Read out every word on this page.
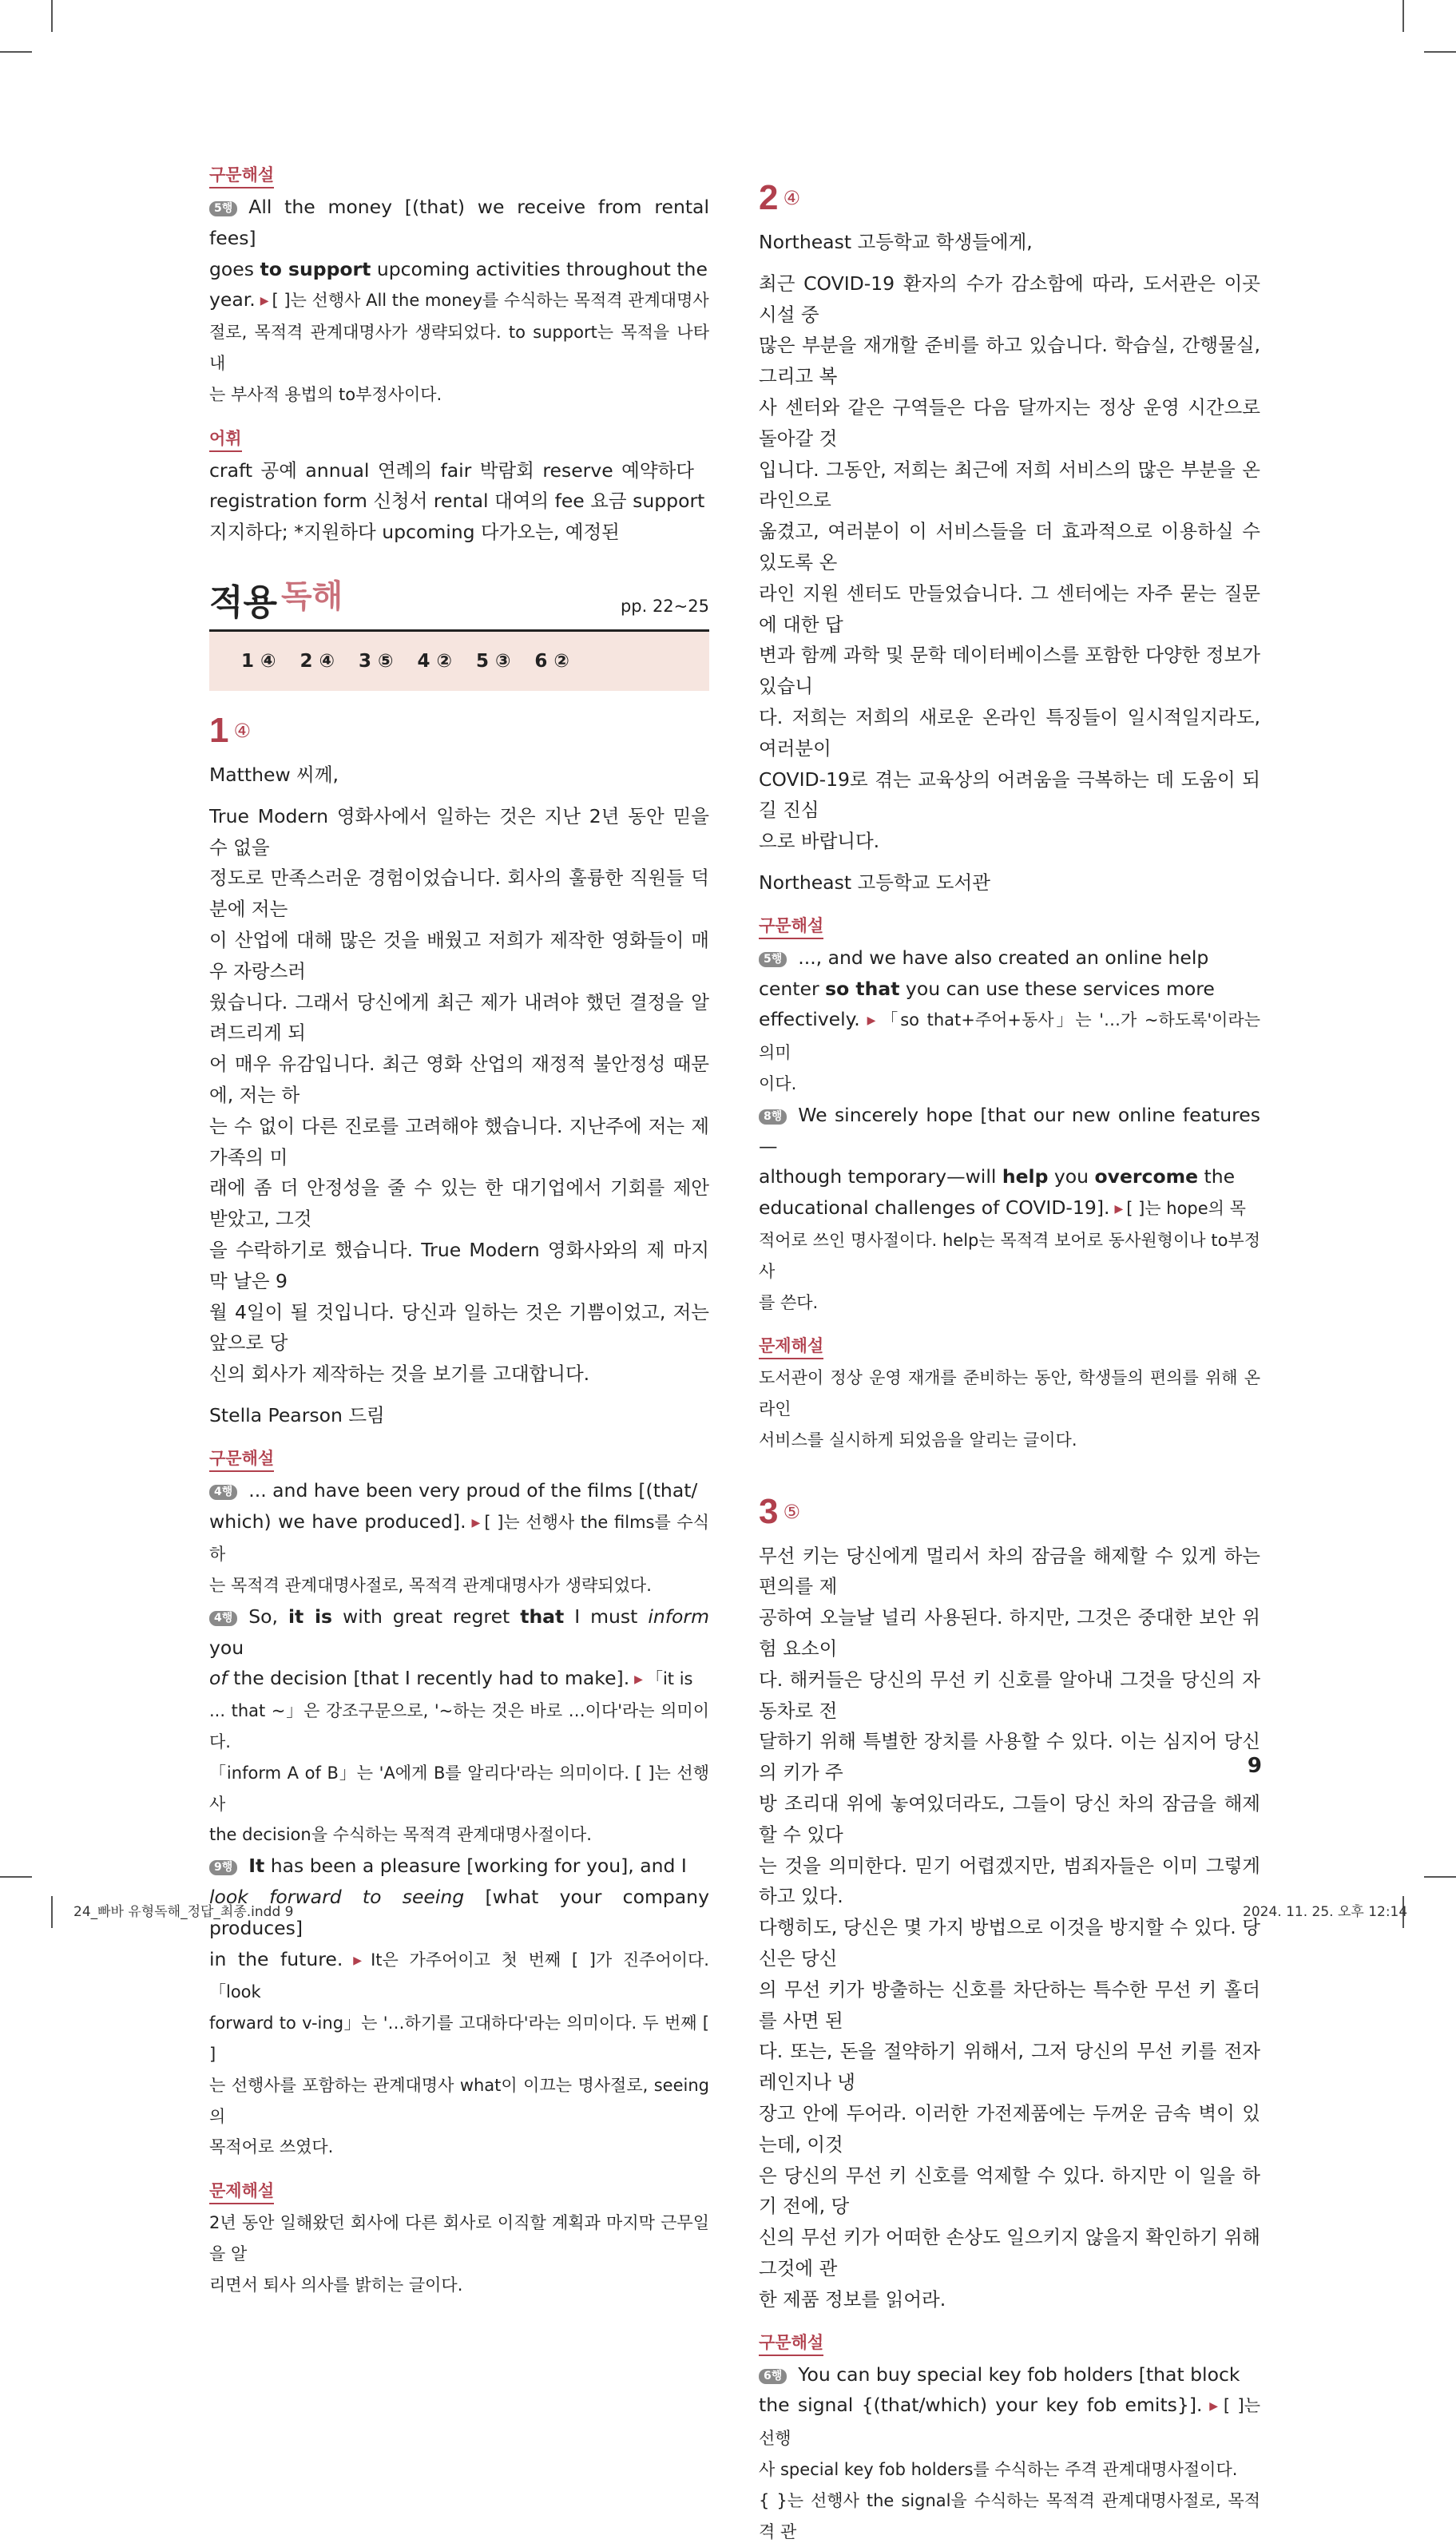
구문해설

5행 All the money [(that) we receive from rental fees]

goes to support upcoming activities throughout the

year. ▶ [ ]는 선행사 All the money를 수식하는 목적격 관계대명사

절로, 목적격 관계대명사가 생략되었다. to support는 목적을 나타내

는 부사적 용법의 to부정사이다.

어휘

craft 공예 annual 연례의 fair 박람회 reserve 예약하다

registration form 신청서 rental 대여의 fee 요금 support

지지하다; *지원하다 upcoming 다가오는, 예정된

적용 독해	pp. 22~25
1 ④ 2 ④ 3 ⑤ 4 ② 5 ③ 6 ②
1 ④

Matthew 씨께,

True Modern 영화사에서 일하는 것은 지난 2년 동안 믿을 수 없을

정도로 만족스러운 경험이었습니다. 회사의 훌륭한 직원들 덕분에 저는

이 산업에 대해 많은 것을 배웠고 저희가 제작한 영화들이 매우 자랑스러

웠습니다. 그래서 당신에게 최근 제가 내려야 했던 결정을 알려드리게 되

어 매우 유감입니다. 최근 영화 산업의 재정적 불안정성 때문에, 저는 하

는 수 없이 다른 진로를 고려해야 했습니다. 지난주에 저는 제 가족의 미

래에 좀 더 안정성을 줄 수 있는 한 대기업에서 기회를 제안 받았고, 그것

을 수락하기로 했습니다. True Modern 영화사와의 제 마지막 날은 9

월 4일이 될 것입니다. 당신과 일하는 것은 기쁨이었고, 저는 앞으로 당

신의 회사가 제작하는 것을 보기를 고대합니다.

Stella Pearson 드림

구문해설

4행 ... and have been very proud of the films [(that/

which) we have produced]. ▶ [ ]는 선행사 the films를 수식하

는 목적격 관계대명사절로, 목적격 관계대명사가 생략되었다.

4행 So, it is with great regret that I must inform you

of the decision [that I recently had to make]. ▶ 「it is

... that ~」은 강조구문으로, '~하는 것은 바로 …이다'라는 의미이다.

「inform A of B」는 'A에게 B를 알리다'라는 의미이다. [ ]는 선행사

the decision을 수식하는 목적격 관계대명사절이다.

9행 It has been a pleasure [working for you], and I

look forward to seeing [what your company produces]

in the future. ▶ It은 가주어이고 첫 번째 [ ]가 진주어이다. 「look

forward to v-ing」는 '…하기를 고대하다'라는 의미이다. 두 번째 [ ]

는 선행사를 포함하는 관계대명사 what이 이끄는 명사절로, seeing의

목적어로 쓰였다.

문제해설

2년 동안 일해왔던 회사에 다른 회사로 이직할 계획과 마지막 근무일을 알

리면서 퇴사 의사를 밝히는 글이다.

2 ④

Northeast 고등학교 학생들에게,

최근 COVID-19 환자의 수가 감소함에 따라, 도서관은 이곳 시설 중

많은 부분을 재개할 준비를 하고 있습니다. 학습실, 간행물실, 그리고 복

사 센터와 같은 구역들은 다음 달까지는 정상 운영 시간으로 돌아갈 것

입니다. 그동안, 저희는 최근에 저희 서비스의 많은 부분을 온라인으로

옮겼고, 여러분이 이 서비스들을 더 효과적으로 이용하실 수 있도록 온

라인 지원 센터도 만들었습니다. 그 센터에는 자주 묻는 질문에 대한 답

변과 함께 과학 및 문학 데이터베이스를 포함한 다양한 정보가 있습니

다. 저희는 저희의 새로운 온라인 특징들이 일시적일지라도, 여러분이

COVID-19로 겪는 교육상의 어려움을 극복하는 데 도움이 되길 진심

으로 바랍니다.

Northeast 고등학교 도서관

구문해설

5행 ..., and we have also created an online help

center so that you can use these services more

effectively. ▶ 「so that+주어+동사」는 '…가 ~하도록'이라는 의미

이다.

8행 We sincerely hope [that our new online features—

although temporary—will help you overcome the

educational challenges of COVID-19]. ▶ [ ]는 hope의 목

적어로 쓰인 명사절이다. help는 목적격 보어로 동사원형이나 to부정사

를 쓴다.

문제해설

도서관이 정상 운영 재개를 준비하는 동안, 학생들의 편의를 위해 온라인

서비스를 실시하게 되었음을 알리는 글이다.

3 ⑤

무선 키는 당신에게 멀리서 차의 잠금을 해제할 수 있게 하는 편의를 제

공하여 오늘날 널리 사용된다. 하지만, 그것은 중대한 보안 위험 요소이

다. 해커들은 당신의 무선 키 신호를 알아내 그것을 당신의 자동차로 전

달하기 위해 특별한 장치를 사용할 수 있다. 이는 심지어 당신의 키가 주

방 조리대 위에 놓여있더라도, 그들이 당신 차의 잠금을 해제할 수 있다

는 것을 의미한다. 믿기 어렵겠지만, 범죄자들은 이미 그렇게 하고 있다.

다행히도, 당신은 몇 가지 방법으로 이것을 방지할 수 있다. 당신은 당신

의 무선 키가 방출하는 신호를 차단하는 특수한 무선 키 홀더를 사면 된

다. 또는, 돈을 절약하기 위해서, 그저 당신의 무선 키를 전자레인지나 냉

장고 안에 두어라. 이러한 가전제품에는 두꺼운 금속 벽이 있는데, 이것

은 당신의 무선 키 신호를 억제할 수 있다. 하지만 이 일을 하기 전에, 당

신의 무선 키가 어떠한 손상도 일으키지 않을지 확인하기 위해 그것에 관

한 제품 정보를 읽어라.

구문해설

6행 You can buy special key fob holders [that block

the signal {(that/which) your key fob emits}]. ▶ [ ]는 선행

사 special key fob holders를 수식하는 주격 관계대명사절이다.

{ }는 선행사 the signal을 수식하는 목적격 관계대명사절로, 목적격 관

9
24_빠바 유형독해_정답_최종.indd 9	2024. 11. 25. 오후 12:14
